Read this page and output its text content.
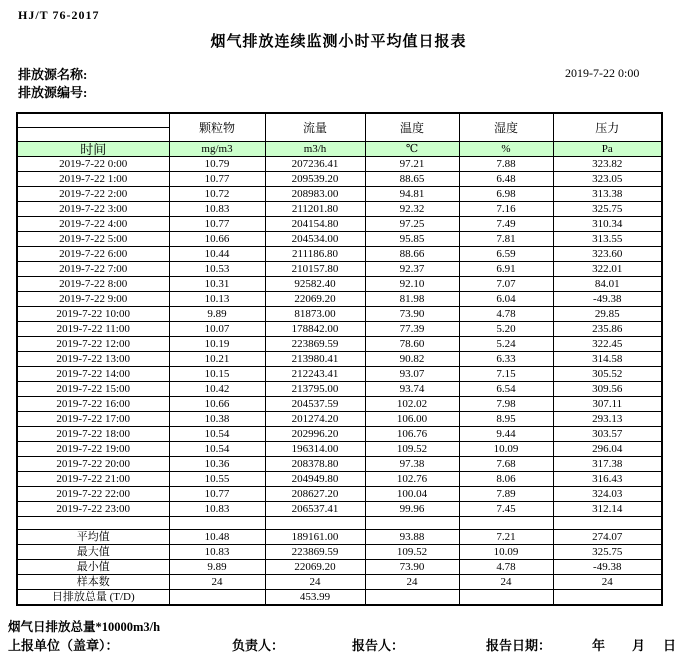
HJ/T 76-2017
烟气排放连续监测小时平均值日报表
排放源名称:
排放源编号:
2019-7-22 0:00
	颗粒物	流量	温度	湿度	压力

时间	mg/m3	m3/h	℃	%	Pa
2019-7-22 0:00	10.79	207236.41	97.21	7.88	323.82
2019-7-22 1:00	10.77	209539.20	88.65	6.48	323.05
2019-7-22 2:00	10.72	208983.00	94.81	6.98	313.38
2019-7-22 3:00	10.83	211201.80	92.32	7.16	325.75
2019-7-22 4:00	10.77	204154.80	97.25	7.49	310.34
2019-7-22 5:00	10.66	204534.00	95.85	7.81	313.55
2019-7-22 6:00	10.44	211186.80	88.66	6.59	323.60
2019-7-22 7:00	10.53	210157.80	92.37	6.91	322.01
2019-7-22 8:00	10.31	92582.40	92.10	7.07	84.01
2019-7-22 9:00	10.13	22069.20	81.98	6.04	-49.38
2019-7-22 10:00	9.89	81873.00	73.90	4.78	29.85
2019-7-22 11:00	10.07	178842.00	77.39	5.20	235.86
2019-7-22 12:00	10.19	223869.59	78.60	5.24	322.45
2019-7-22 13:00	10.21	213980.41	90.82	6.33	314.58
2019-7-22 14:00	10.15	212243.41	93.07	7.15	305.52
2019-7-22 15:00	10.42	213795.00	93.74	6.54	309.56
2019-7-22 16:00	10.66	204537.59	102.02	7.98	307.11
2019-7-22 17:00	10.38	201274.20	106.00	8.95	293.13
2019-7-22 18:00	10.54	202996.20	106.76	9.44	303.57
2019-7-22 19:00	10.54	196314.00	109.52	10.09	296.04
2019-7-22 20:00	10.36	208378.80	97.38	7.68	317.38
2019-7-22 21:00	10.55	204949.80	102.76	8.06	316.43
2019-7-22 22:00	10.77	208627.20	100.04	7.89	324.03
2019-7-22 23:00	10.83	206537.41	99.96	7.45	312.14

平均值	10.48	189161.00	93.88	7.21	274.07
最大值	10.83	223869.59	109.52	10.09	325.75
最小值	9.89	22069.20	73.90	4.78	-49.38
样本数	24	24	24	24	24
日排放总量 (T/D)		453.99			
烟气日排放总量*10000m3/h
上报单位（盖章）：	负责人：	报告人：	报告日期：	年 月 日
